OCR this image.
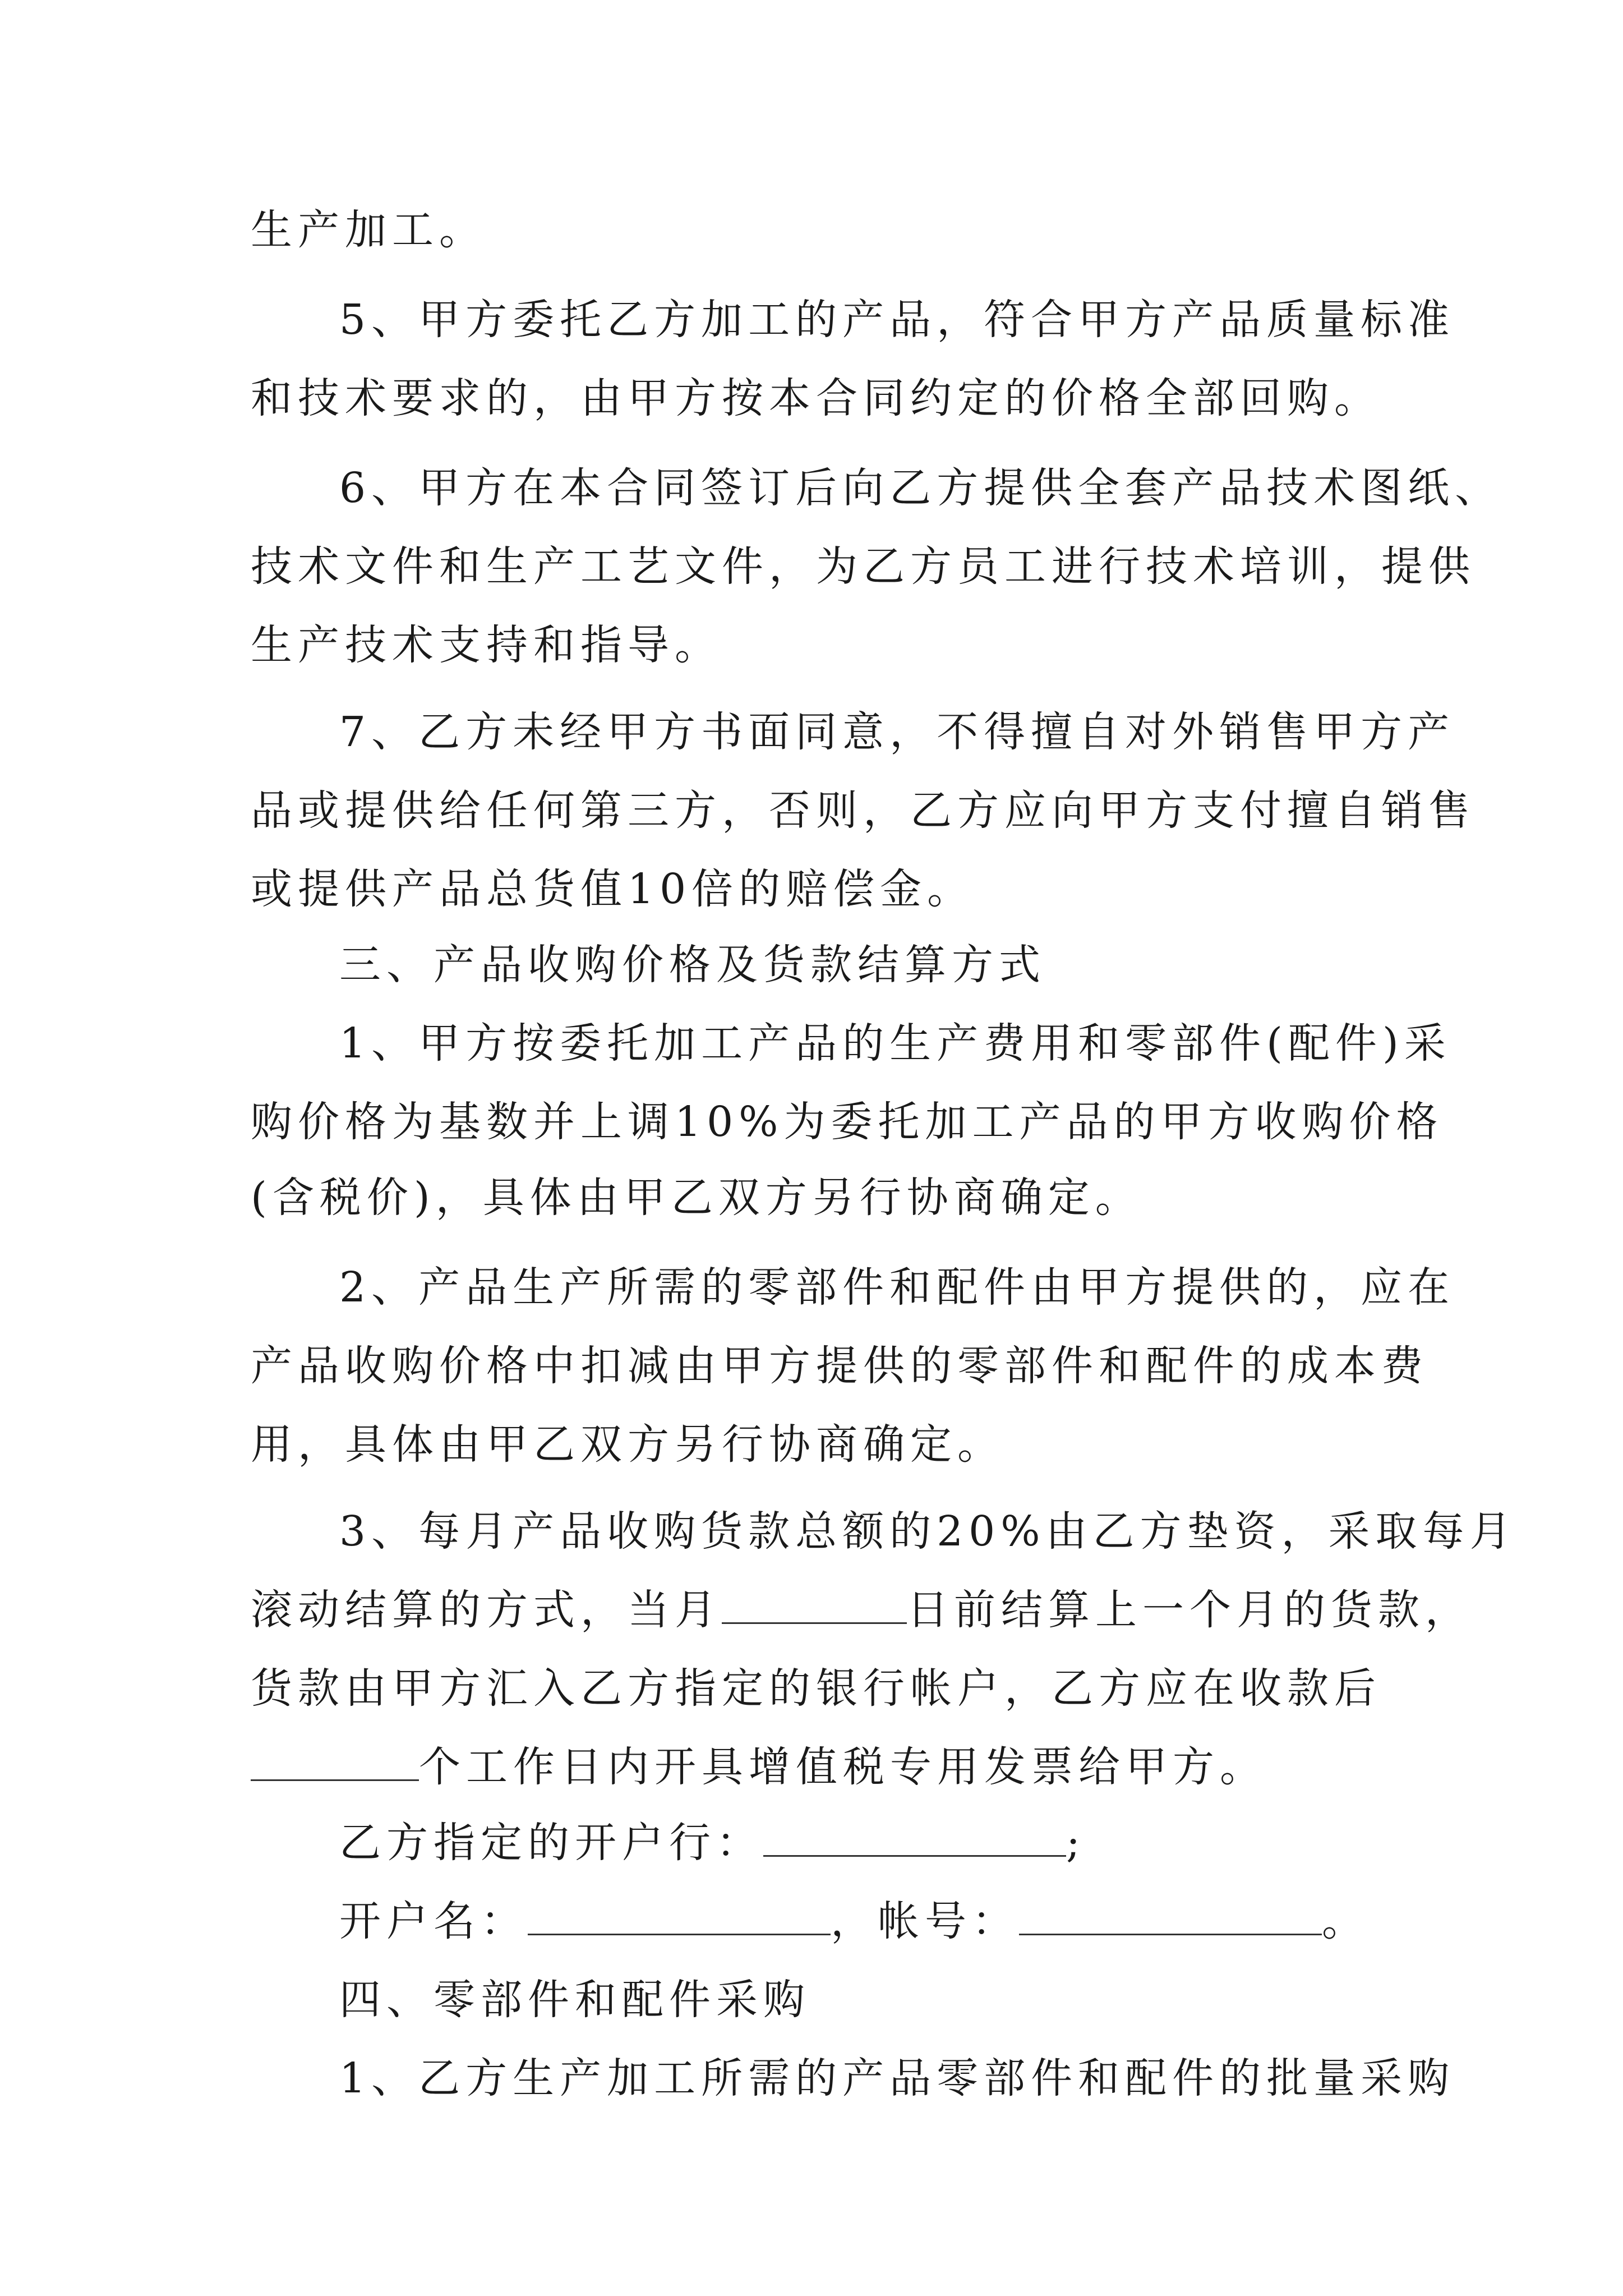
生产加工。
5、甲方委托乙方加工的产品，符合甲方产品质量标准
和技术要求的，由甲方按本合同约定的价格全部回购。
6、甲方在本合同签订后向乙方提供全套产品技术图纸、
技术文件和生产工艺文件，为乙方员工进行技术培训，提供
生产技术支持和指导。
7、乙方未经甲方书面同意，不得擅自对外销售甲方产
品或提供给任何第三方，否则，乙方应向甲方支付擅自销售
或提供产品总货值10倍的赔偿金。
三、产品收购价格及货款结算方式
1、甲方按委托加工产品的生产费用和零部件(配件)采
购价格为基数并上调10%为委托加工产品的甲方收购价格
(含税价)，具体由甲乙双方另行协商确定。
2、产品生产所需的零部件和配件由甲方提供的，应在
产品收购价格中扣减由甲方提供的零部件和配件的成本费
用，具体由甲乙双方另行协商确定。
3、每月产品收购货款总额的20%由乙方垫资，采取每月
滚动结算的方式，当月	日前结算上一个月的货款，
货款由甲方汇入乙方指定的银行帐户，乙方应在收款后
个工作日内开具增值税专用发票给甲方。
乙方指定的开户行：	;
开户名：	，帐号：	。
四、零部件和配件采购
1、乙方生产加工所需的产品零部件和配件的批量采购
